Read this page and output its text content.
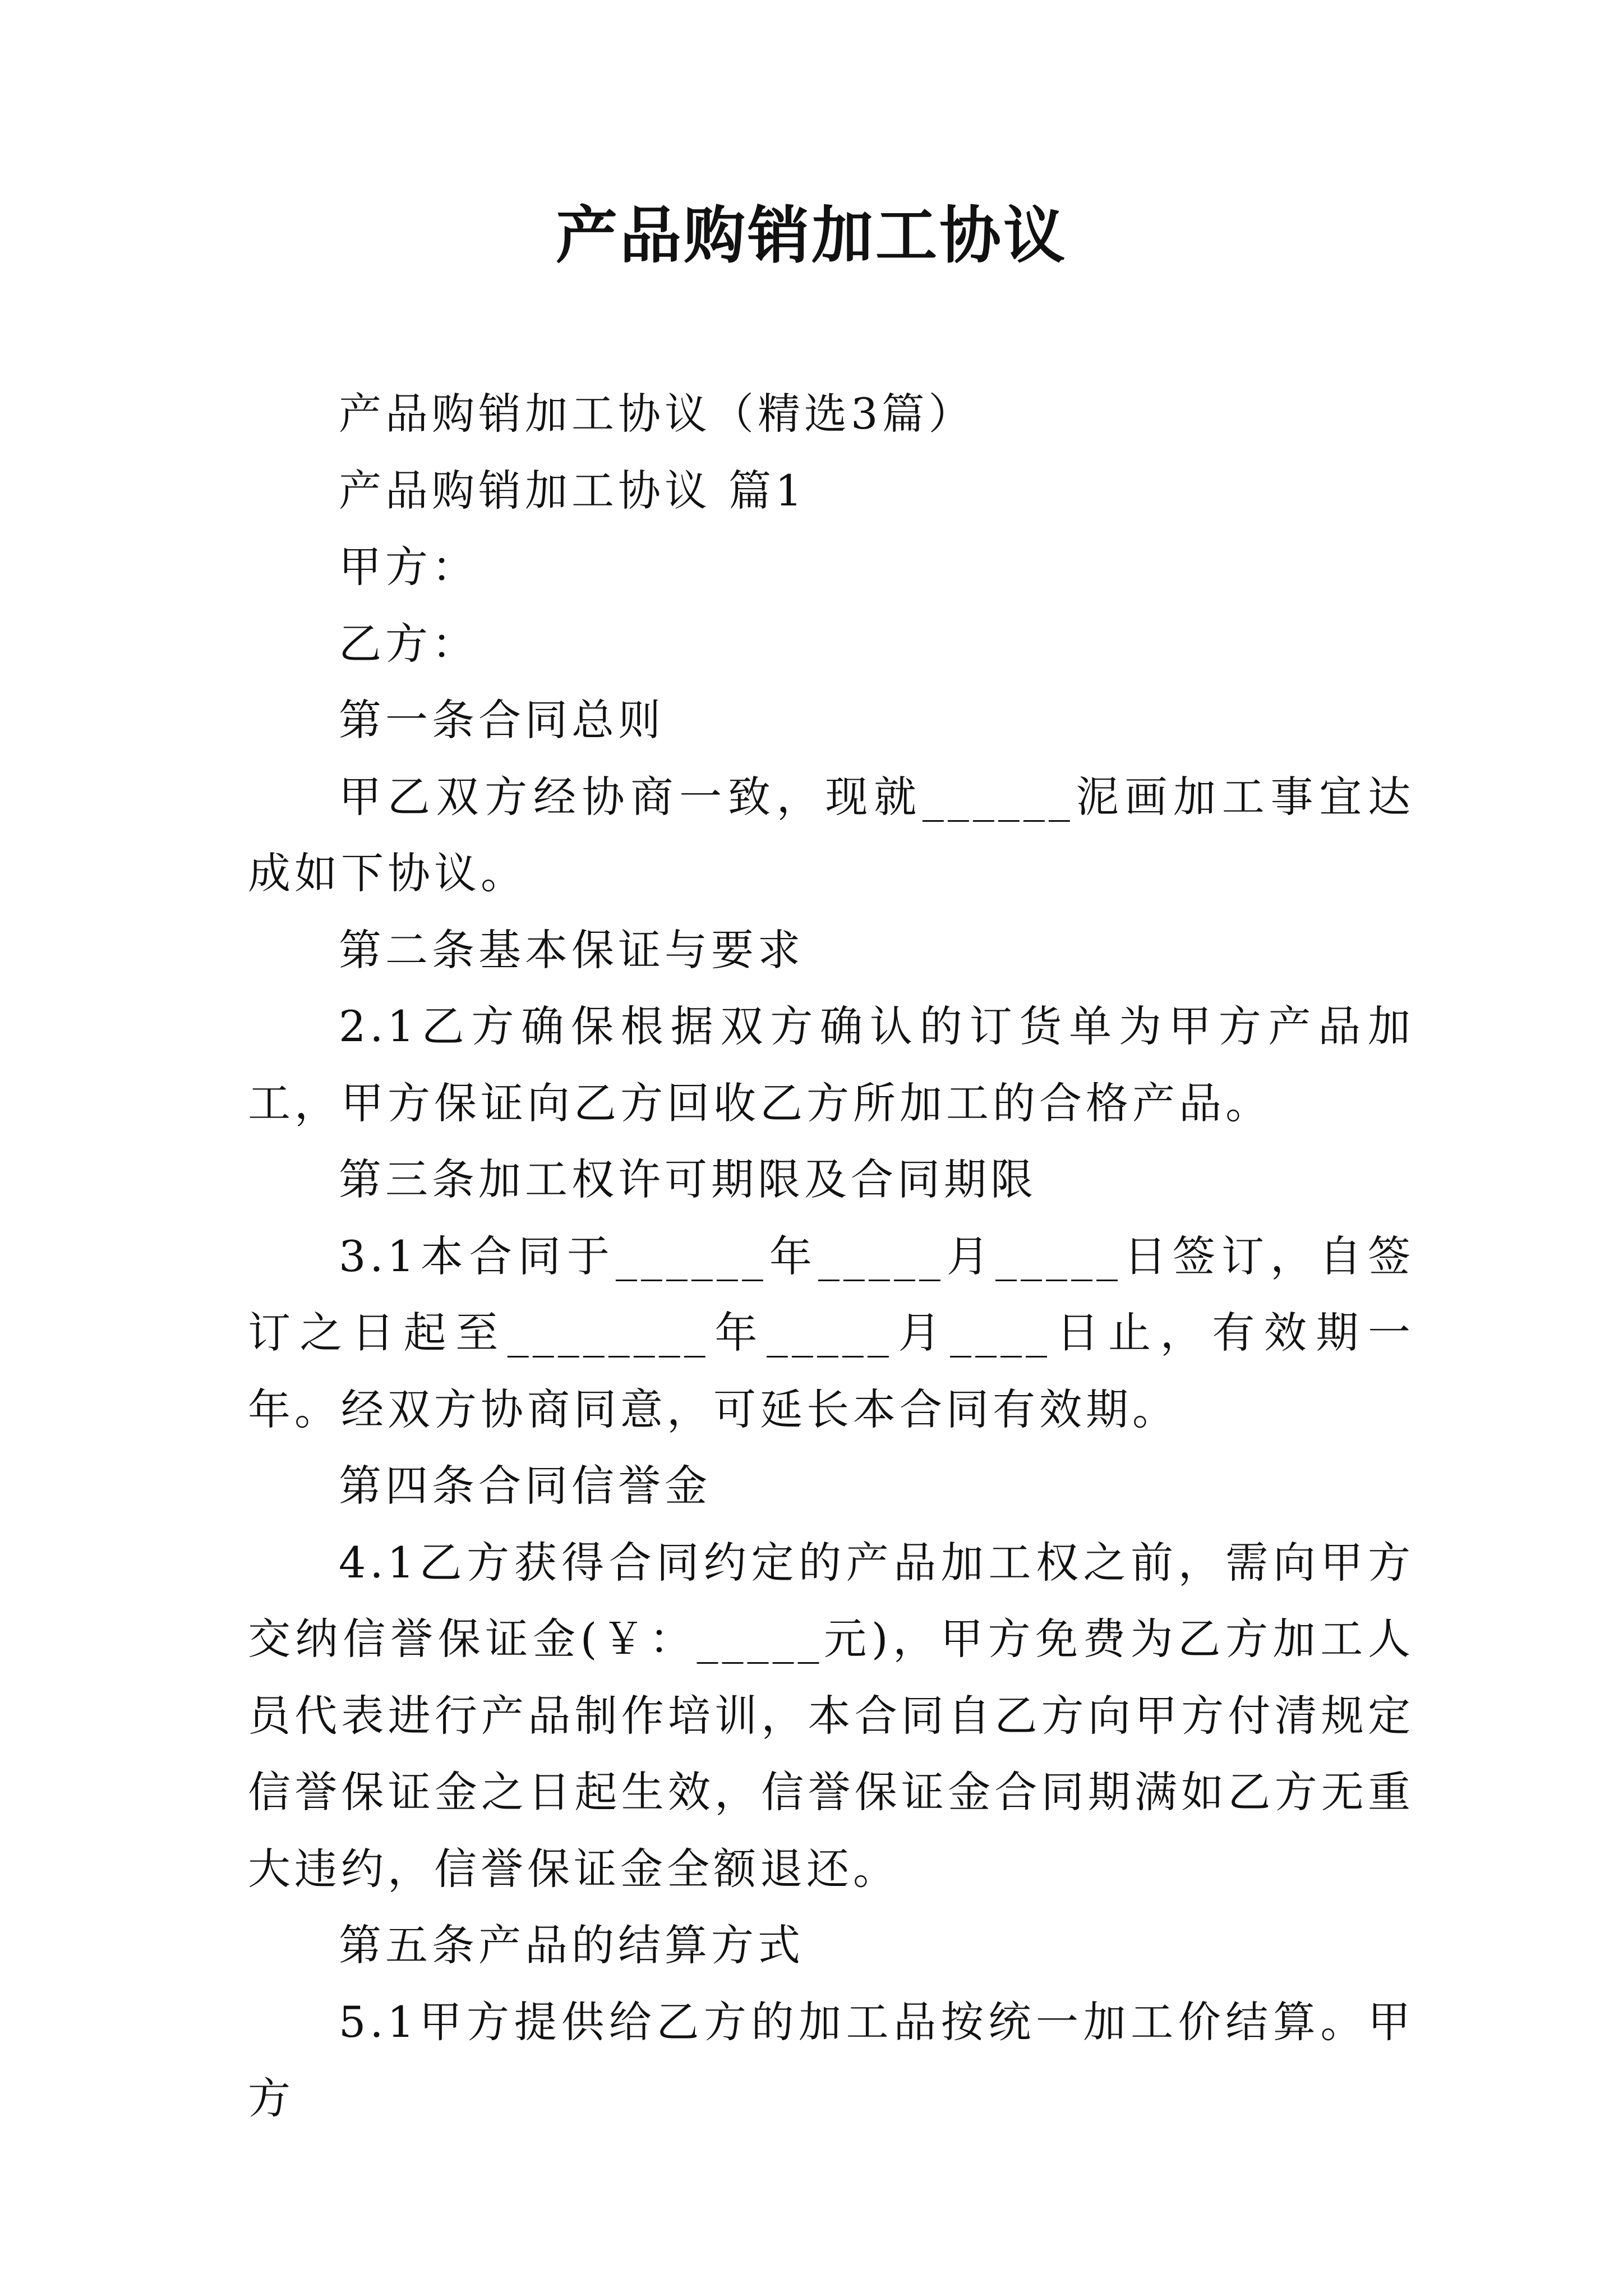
产品购销加工协议

产品购销加工协议（精选3篇）

产品购销加工协议 篇1

甲方：

乙方：

第一条合同总则

甲乙双方经协商一致，现就______泥画加工事宜达成如下协议。

第二条基本保证与要求

2.1乙方确保根据双方确认的订货单为甲方产品加工，甲方保证向乙方回收乙方所加工的合格产品。

第三条加工权许可期限及合同期限

3.1本合同于______年_____月_____日签订，自签订之日起至________年_____月____日止，有效期一年。经双方协商同意，可延长本合同有效期。

第四条合同信誉金

4.1乙方获得合同约定的产品加工权之前，需向甲方交纳信誉保证金(￥：_____元)，甲方免费为乙方加工人员代表进行产品制作培训，本合同自乙方向甲方付清规定信誉保证金之日起生效，信誉保证金合同期满如乙方无重大违约，信誉保证金全额退还。

第五条产品的结算方式

5.1甲方提供给乙方的加工品按统一加工价结算。甲方
